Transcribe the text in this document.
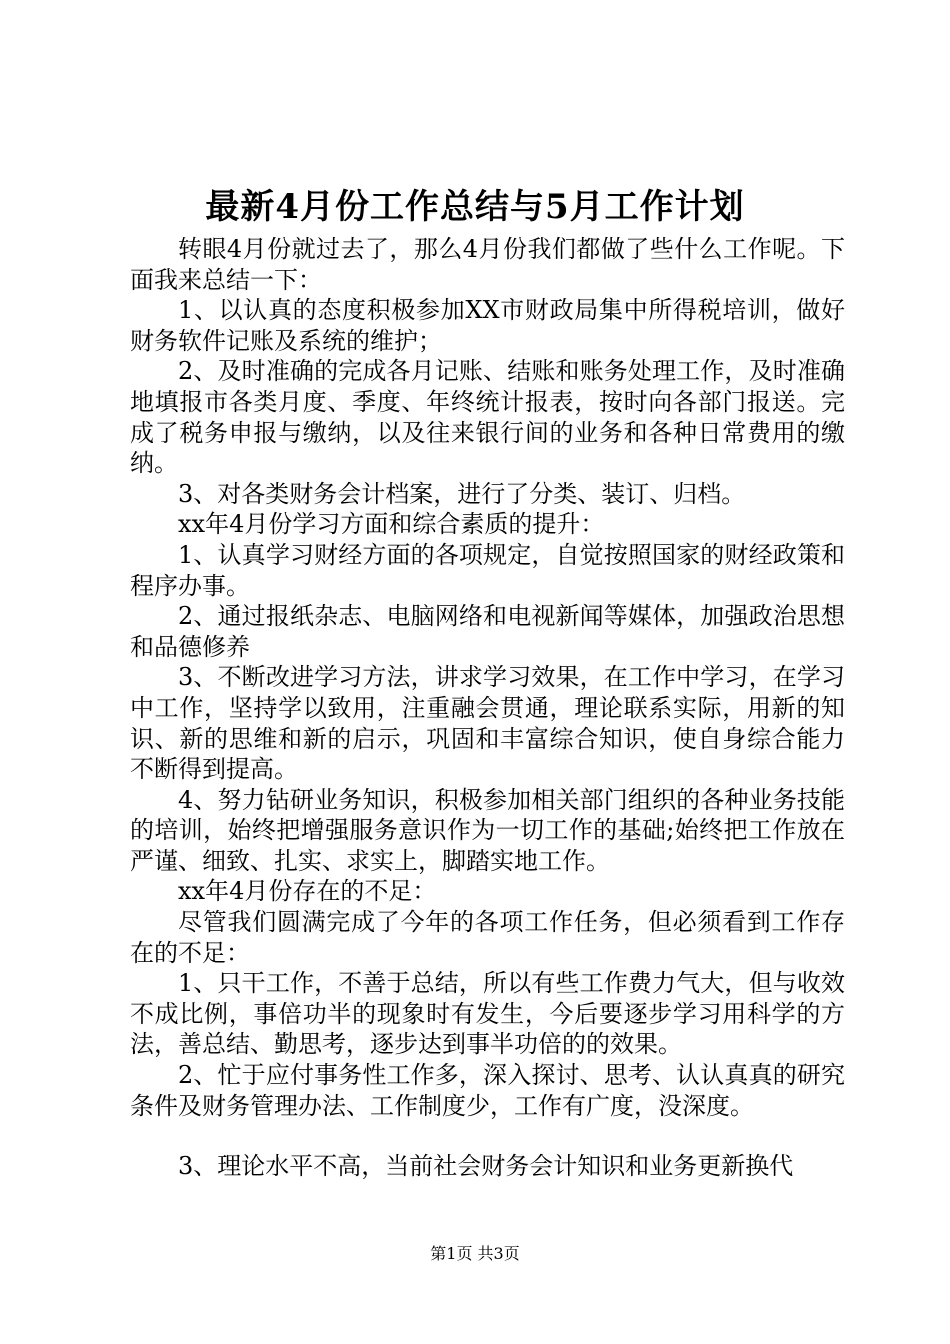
最新4月份工作总结与5月工作计划

转眼4月份就过去了，那么4月份我们都做了些什么工作呢。下面我来总结一下：

1、以认真的态度积极参加XX市财政局集中所得税培训，做好财务软件记账及系统的维护；

2、及时准确的完成各月记账、结账和账务处理工作，及时准确地填报市各类月度、季度、年终统计报表，按时向各部门报送。完成了税务申报与缴纳，以及往来银行间的业务和各种日常费用的缴纳。

3、对各类财务会计档案，进行了分类、装订、归档。

xx年4月份学习方面和综合素质的提升：

1、认真学习财经方面的各项规定，自觉按照国家的财经政策和程序办事。

2、通过报纸杂志、电脑网络和电视新闻等媒体，加强政治思想和品德修养

3、不断改进学习方法，讲求学习效果，在工作中学习，在学习中工作，坚持学以致用，注重融会贯通，理论联系实际，用新的知识、新的思维和新的启示，巩固和丰富综合知识，使自身综合能力不断得到提高。

4、努力钻研业务知识，积极参加相关部门组织的各种业务技能的培训，始终把增强服务意识作为一切工作的基础;始终把工作放在严谨、细致、扎实、求实上，脚踏实地工作。

xx年4月份存在的不足：

尽管我们圆满完成了今年的各项工作任务，但必须看到工作存在的不足：

1、只干工作，不善于总结，所以有些工作费力气大，但与收效不成比例，事倍功半的现象时有发生，今后要逐步学习用科学的方法，善总结、勤思考，逐步达到事半功倍的的效果。

2、忙于应付事务性工作多，深入探讨、思考、认认真真的研究条件及财务管理办法、工作制度少，工作有广度，没深度。

3、理论水平不高，当前社会财务会计知识和业务更新换代

第1页 共3页
